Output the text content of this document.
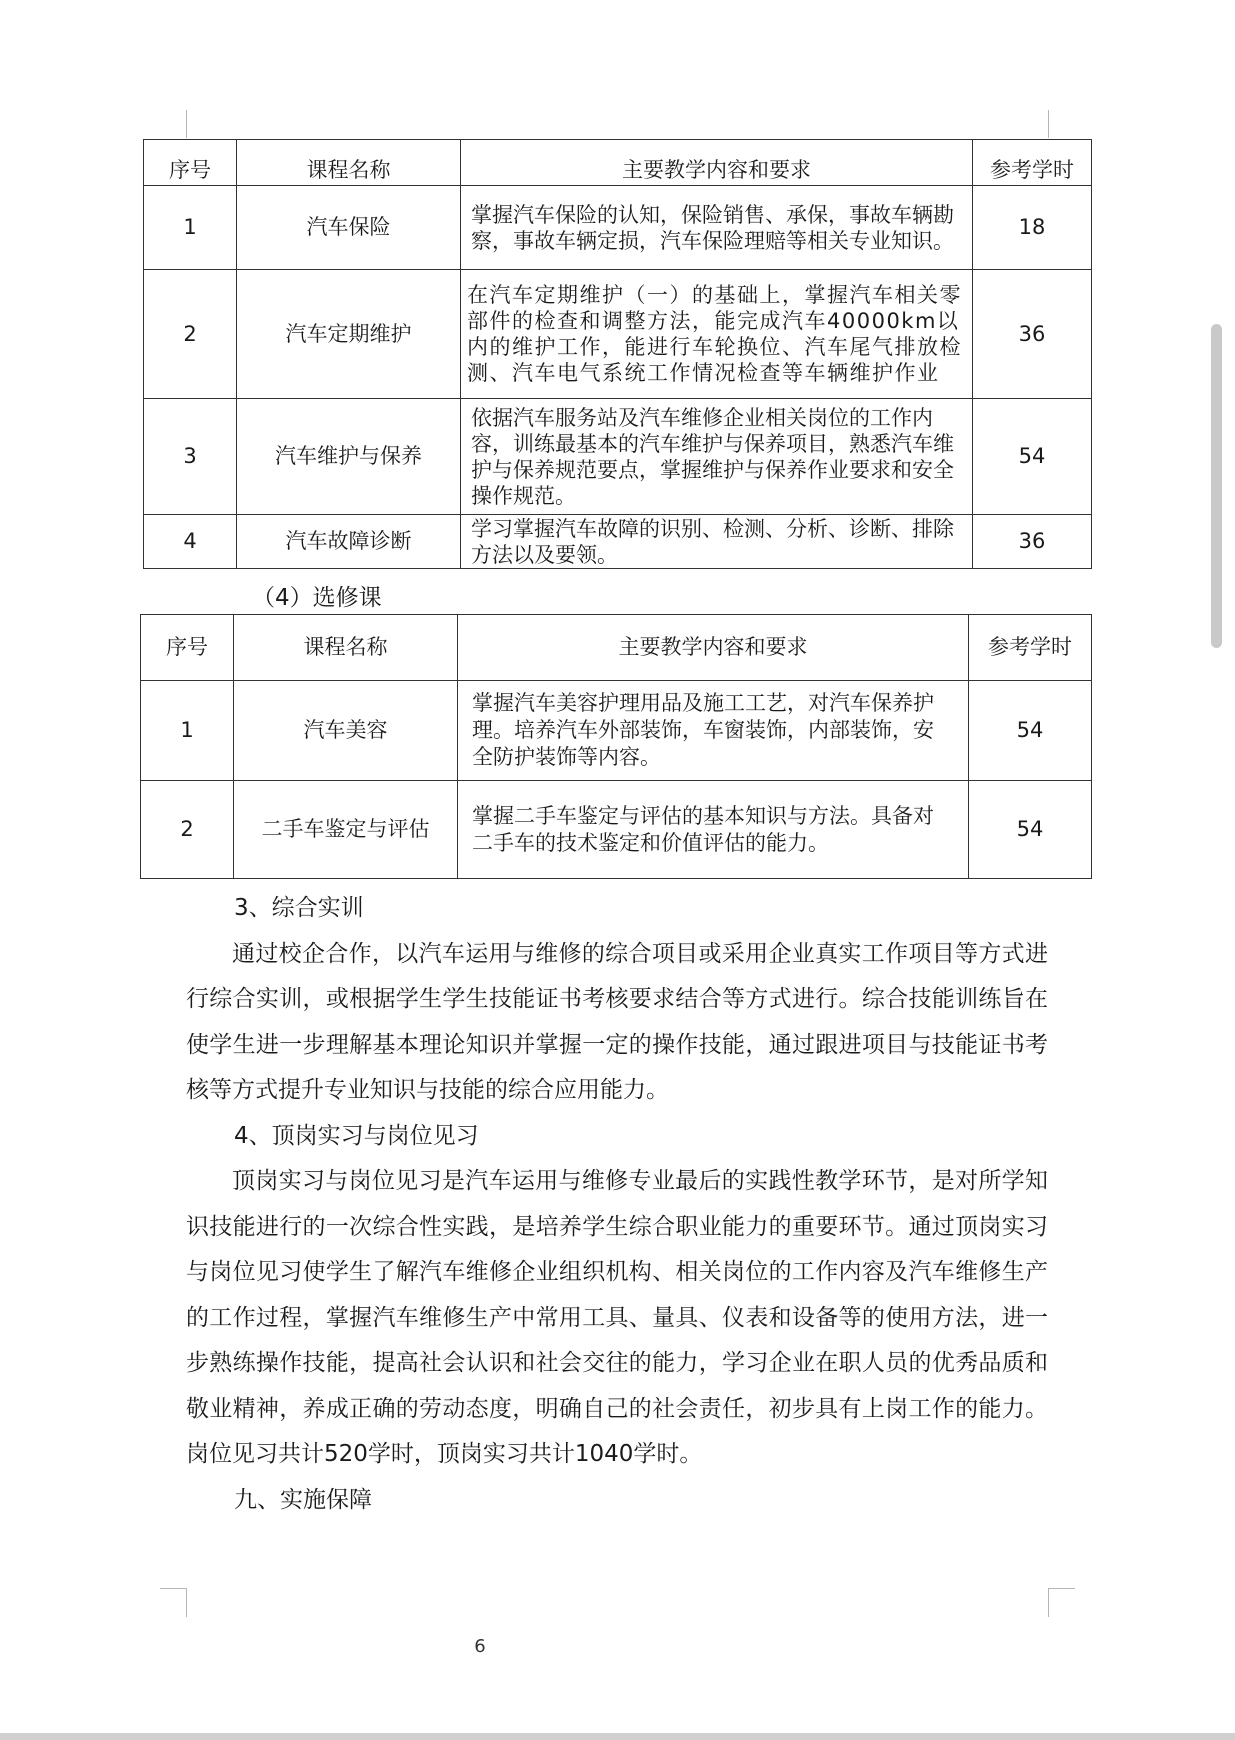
序号	课程名称	主要教学内容和要求	参考学时
1	汽车保险	掌握汽车保险的认知，保险销售、承保，事故车辆勘察，事故车辆定损，汽车保险理赔等相关专业知识。	18
2	汽车定期维护	在汽车定期维护（一）的基础上，掌握汽车相关零部件的检查和调整方法，能完成汽车40000km以内的维护工作，能进行车轮换位、汽车尾气排放检测、汽车电气系统工作情况检查等车辆维护作业	36
3	汽车维护与保养	依据汽车服务站及汽车维修企业相关岗位的工作内容，训练最基本的汽车维护与保养项目，熟悉汽车维护与保养规范要点，掌握维护与保养作业要求和安全操作规范。	54
4	汽车故障诊断	学习掌握汽车故障的识别、检测、分析、诊断、排除方法以及要领。	36
（4）选修课
序号	课程名称	主要教学内容和要求	参考学时
1	汽车美容	掌握汽车美容护理用品及施工工艺，对汽车保养护理。培养汽车外部装饰，车窗装饰，内部装饰，安全防护装饰等内容。	54
2	二手车鉴定与评估	掌握二手车鉴定与评估的基本知识与方法。具备对二手车的技术鉴定和价值评估的能力。	54

3、综合实训

通过校企合作，以汽车运用与维修的综合项目或采用企业真实工作项目等方式进行综合实训，或根据学生学生技能证书考核要求结合等方式进行。综合技能训练旨在使学生进一步理解基本理论知识并掌握一定的操作技能，通过跟进项目与技能证书考核等方式提升专业知识与技能的综合应用能力。

4、顶岗实习与岗位见习

顶岗实习与岗位见习是汽车运用与维修专业最后的实践性教学环节，是对所学知识技能进行的一次综合性实践，是培养学生综合职业能力的重要环节。通过顶岗实习与岗位见习使学生了解汽车维修企业组织机构、相关岗位的工作内容及汽车维修生产的工作过程，掌握汽车维修生产中常用工具、量具、仪表和设备等的使用方法，进一步熟练操作技能，提高社会认识和社会交往的能力，学习企业在职人员的优秀品质和敬业精神，养成正确的劳动态度，明确自己的社会责任，初步具有上岗工作的能力。岗位见习共计520学时，顶岗实习共计1040学时。

九、实施保障

6
